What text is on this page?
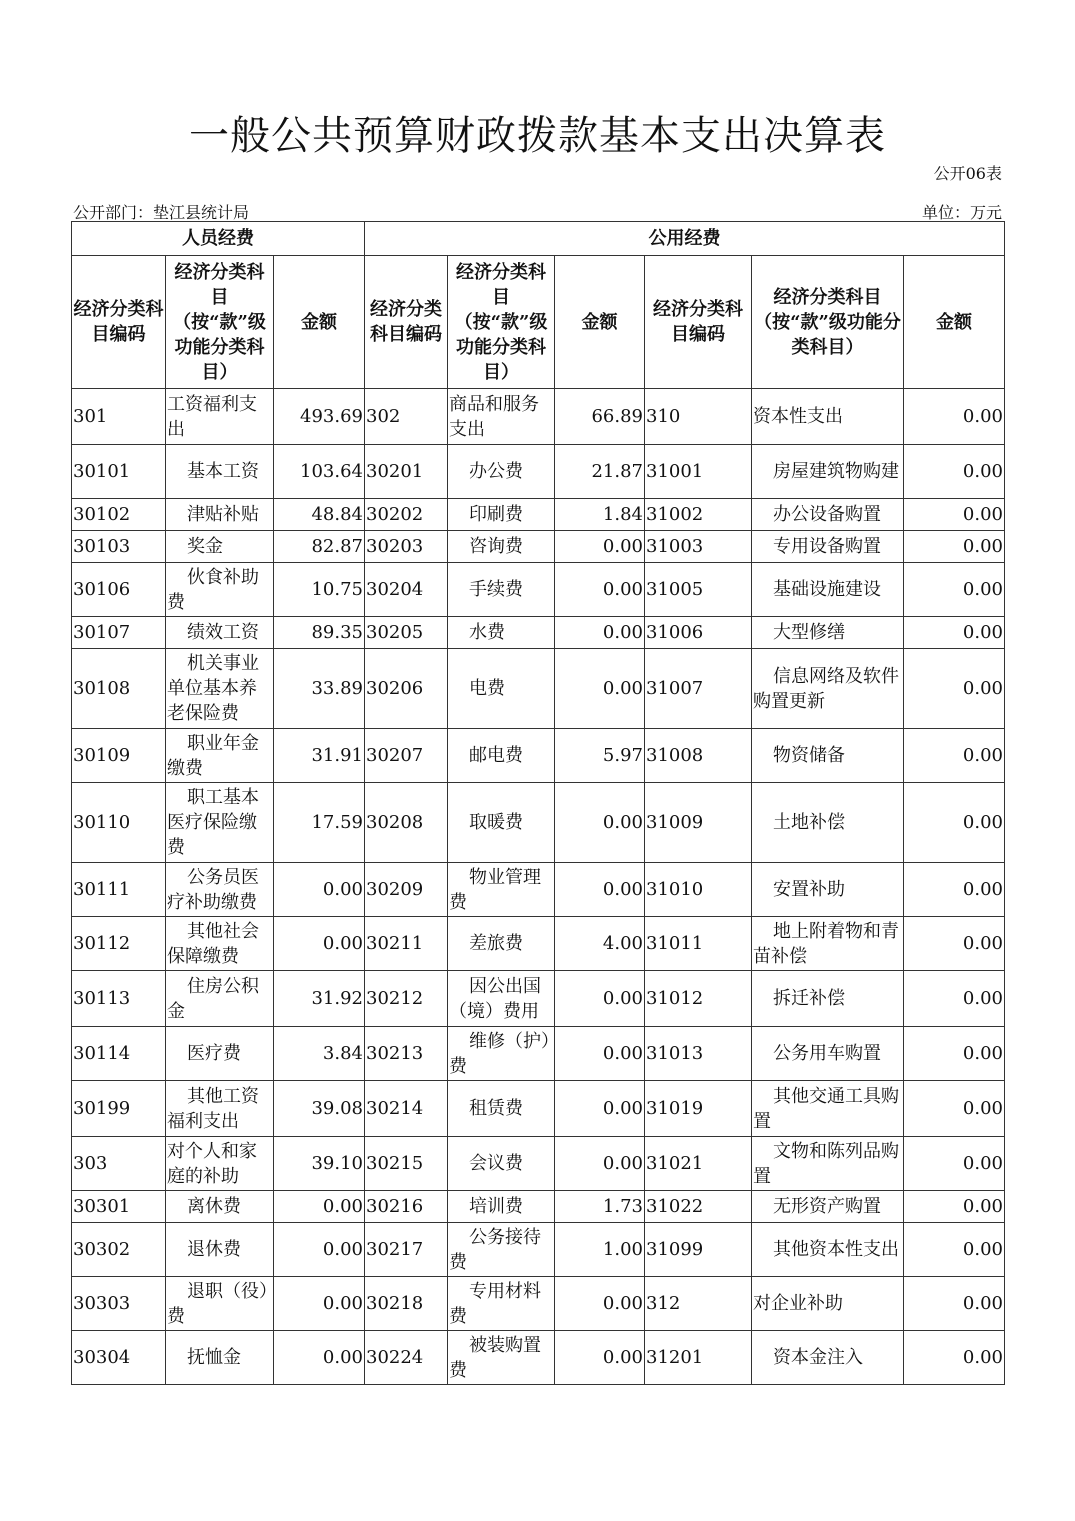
一般公共预算财政拨款基本支出决算表
公开06表
公开部门：垫江县统计局	单位：万元
人员经费			公用经费					
经济分类科目编码	经济分类科目（按“款”级功能分类科目）	金额	经济分类科目编码	经济分类科目（按“款”级功能分类科目）	金额	经济分类科目编码	经济分类科目（按“款”级功能分类科目）	金额
301	工资福利支出	493.69	302	商品和服务支出	66.89	310	资本性支出	0.00
30101	基本工资	103.64	30201	办公费	21.87	31001	房屋建筑物购建	0.00
30102	津贴补贴	48.84	30202	印刷费	1.84	31002	办公设备购置	0.00
30103	奖金	82.87	30203	咨询费	0.00	31003	专用设备购置	0.00
30106	伙食补助费	10.75	30204	手续费	0.00	31005	基础设施建设	0.00
30107	绩效工资	89.35	30205	水费	0.00	31006	大型修缮	0.00
30108	机关事业单位基本养老保险费	33.89	30206	电费	0.00	31007	信息网络及软件购置更新	0.00
30109	职业年金缴费	31.91	30207	邮电费	5.97	31008	物资储备	0.00
30110	职工基本医疗保险缴费	17.59	30208	取暖费	0.00	31009	土地补偿	0.00
30111	公务员医疗补助缴费	0.00	30209	物业管理费	0.00	31010	安置补助	0.00
30112	其他社会保障缴费	0.00	30211	差旅费	4.00	31011	地上附着物和青苗补偿	0.00
30113	住房公积金	31.92	30212	因公出国（境）费用	0.00	31012	拆迁补偿	0.00
30114	医疗费	3.84	30213	维修（护）费	0.00	31013	公务用车购置	0.00
30199	其他工资福利支出	39.08	30214	租赁费	0.00	31019	其他交通工具购置	0.00
303	对个人和家庭的补助	39.10	30215	会议费	0.00	31021	文物和陈列品购置	0.00
30301	离休费	0.00	30216	培训费	1.73	31022	无形资产购置	0.00
30302	退休费	0.00	30217	公务接待费	1.00	31099	其他资本性支出	0.00
30303	退职（役）费	0.00	30218	专用材料费	0.00	312	对企业补助	0.00
30304	抚恤金	0.00	30224	被装购置费	0.00	31201	资本金注入	0.00
